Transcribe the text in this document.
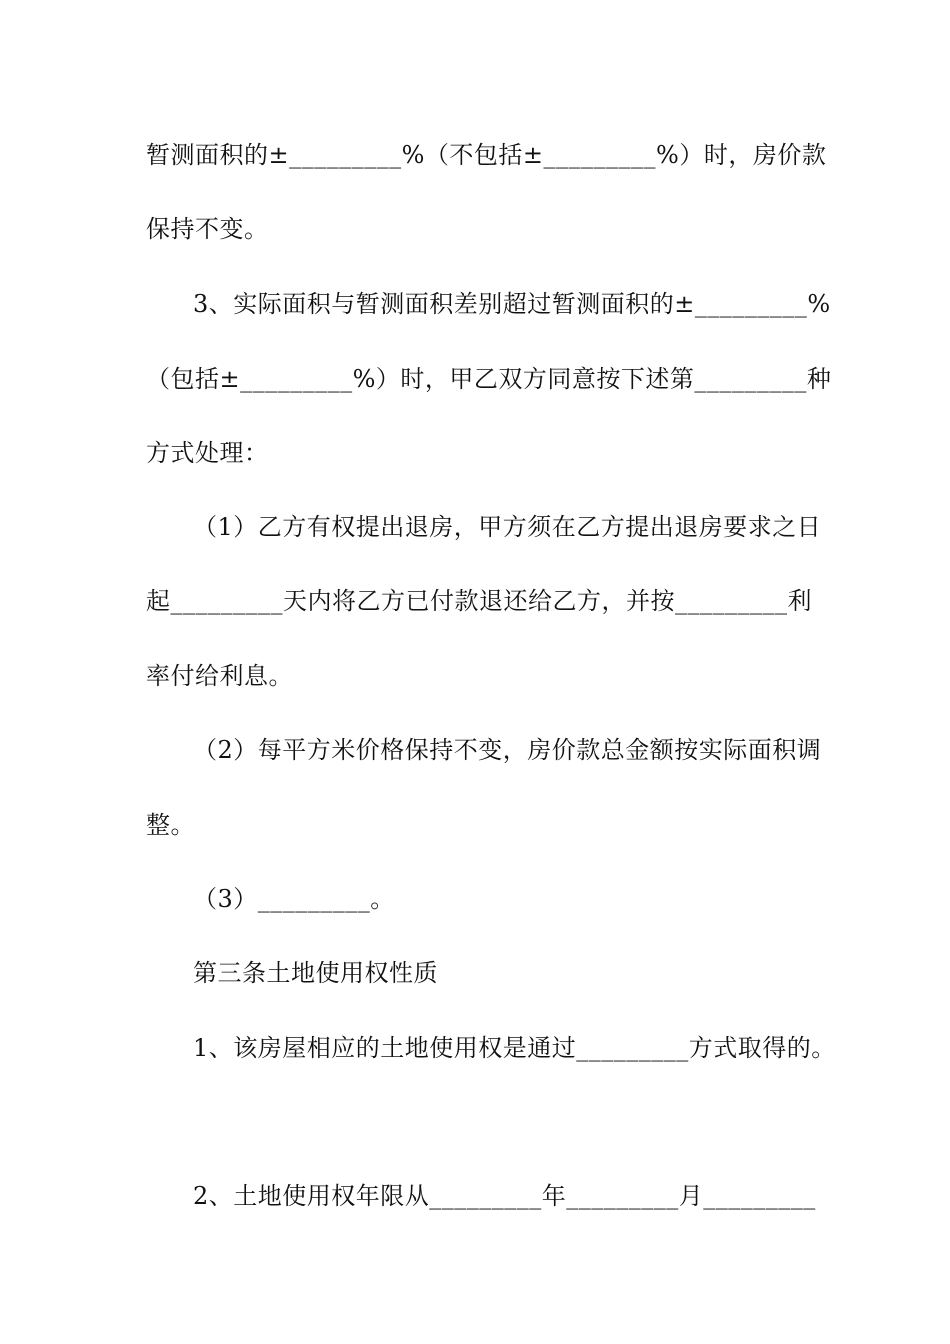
暂测面积的±_________%（不包括±_________%）时，房价款
保持不变。
3、实际面积与暂测面积差别超过暂测面积的±_________%
（包括±_________%）时，甲乙双方同意按下述第_________种
方式处理：
（1）乙方有权提出退房，甲方须在乙方提出退房要求之日
起_________天内将乙方已付款退还给乙方，并按_________利
率付给利息。
（2）每平方米价格保持不变，房价款总金额按实际面积调
整。
（3）_________。
第三条土地使用权性质
1、该房屋相应的土地使用权是通过_________方式取得的。
2、土地使用权年限从_________年_________月_________
